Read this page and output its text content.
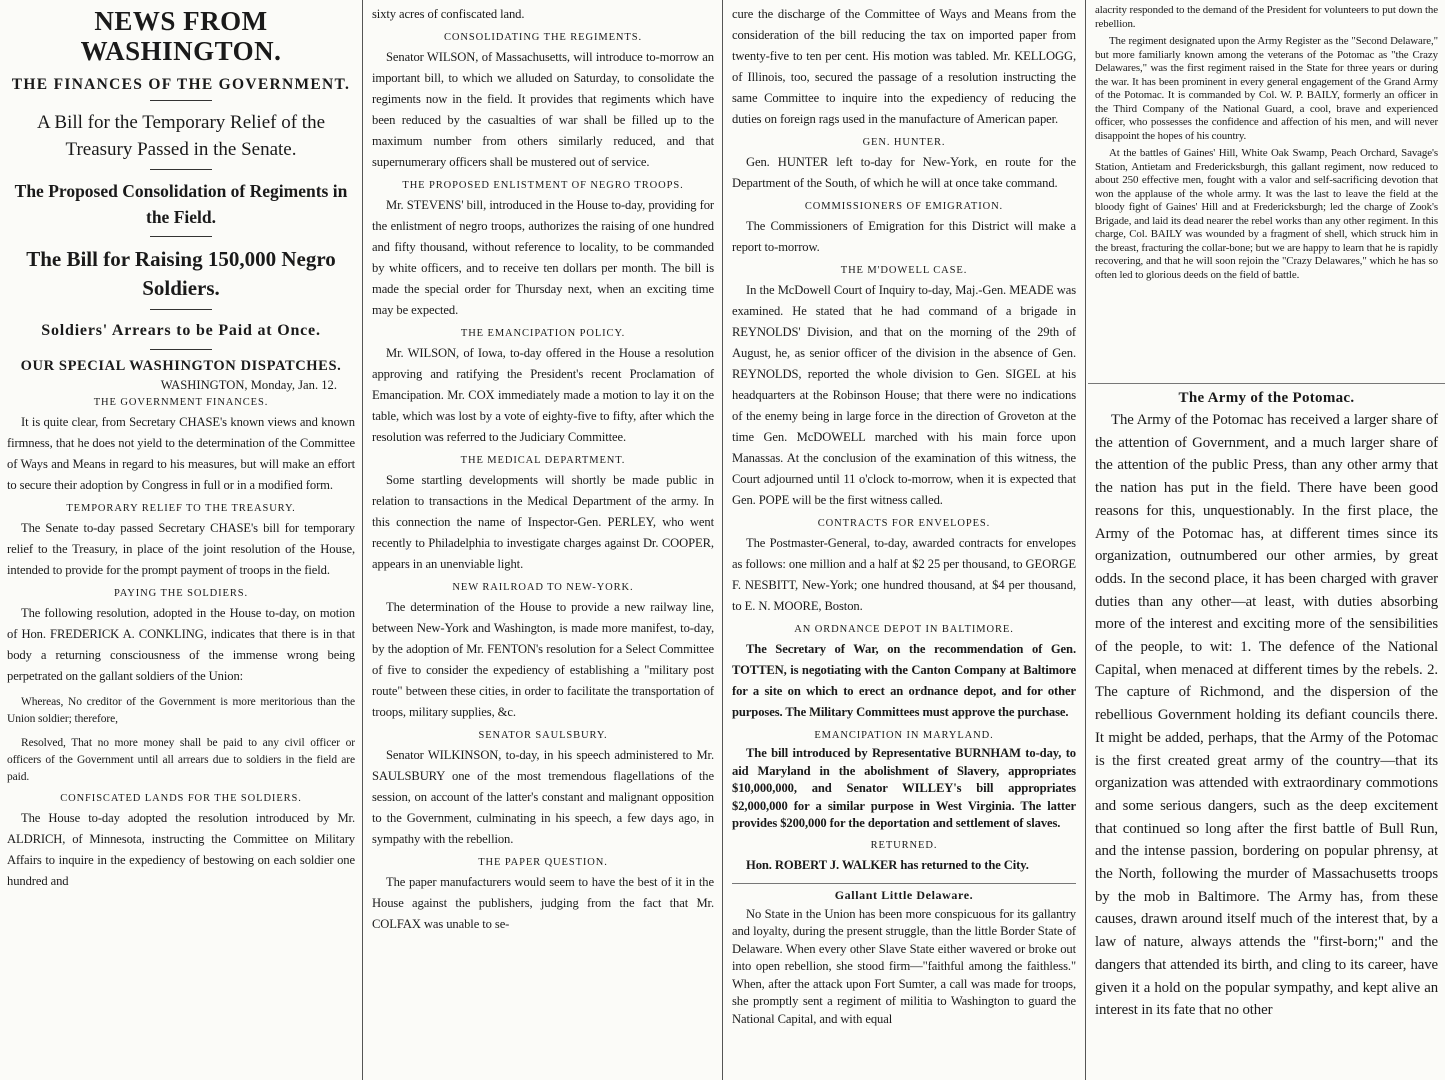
NEWS FROM WASHINGTON.
THE FINANCES OF THE GOVERNMENT.
A Bill for the Temporary Relief of the Treasury Passed in the Senate.
The Proposed Consolidation of Regiments in the Field.
The Bill for Raising 150,000 Negro Soldiers.
Soldiers' Arrears to be Paid at Once.
OUR SPECIAL WASHINGTON DISPATCHES.
WASHINGTON, Monday, Jan. 12.
THE GOVERNMENT FINANCES.

It is quite clear, from Secretary CHASE's known views and known firmness, that he does not yield to the determination of the Committee of Ways and Means in regard to his measures, but will make an effort to secure their adoption by Congress in full or in a modified form.

TEMPORARY RELIEF TO THE TREASURY.

The Senate to-day passed Secretary CHASE's bill for temporary relief to the Treasury, in place of the joint resolution of the House, intended to provide for the prompt payment of troops in the field.

PAYING THE SOLDIERS.

The following resolution, adopted in the House to-day, on motion of Hon. FREDERICK A. CONKLING, indicates that there is in that body a returning consciousness of the immense wrong being perpetrated on the gallant soldiers of the Union:

Whereas, No creditor of the Government is more meritorious than the Union soldier; therefore,

Resolved, That no more money shall be paid to any civil officer or officers of the Government until all arrears due to soldiers in the field are paid.

CONFISCATED LANDS FOR THE SOLDIERS.

The House to-day adopted the resolution introduced by Mr. ALDRICH, of Minnesota, instructing the Committee on Military Affairs to inquire in the expediency of bestowing on each soldier one hundred and

sixty acres of confiscated land.

CONSOLIDATING THE REGIMENTS.

Senator WILSON, of Massachusetts, will introduce to-morrow an important bill, to which we alluded on Saturday, to consolidate the regiments now in the field. It provides that regiments which have been reduced by the casualties of war shall be filled up to the maximum number from others similarly reduced, and that supernumerary officers shall be mustered out of service.

THE PROPOSED ENLISTMENT OF NEGRO TROOPS.

Mr. STEVENS' bill, introduced in the House to-day, providing for the enlistment of negro troops, authorizes the raising of one hundred and fifty thousand, without reference to locality, to be commanded by white officers, and to receive ten dollars per month. The bill is made the special order for Thursday next, when an exciting time may be expected.

THE EMANCIPATION POLICY.

Mr. WILSON, of Iowa, to-day offered in the House a resolution approving and ratifying the President's recent Proclamation of Emancipation. Mr. COX immediately made a motion to lay it on the table, which was lost by a vote of eighty-five to fifty, after which the resolution was referred to the Judiciary Committee.

THE MEDICAL DEPARTMENT.

Some startling developments will shortly be made public in relation to transactions in the Medical Department of the army. In this connection the name of Inspector-Gen. PERLEY, who went recently to Philadelphia to investigate charges against Dr. COOPER, appears in an unenviable light.

NEW RAILROAD TO NEW-YORK.

The determination of the House to provide a new railway line, between New-York and Washington, is made more manifest, to-day, by the adoption of Mr. FENTON's resolution for a Select Committee of five to consider the expediency of establishing a "military post route" between these cities, in order to facilitate the transportation of troops, military supplies, &c.

SENATOR SAULSBURY.

Senator WILKINSON, to-day, in his speech administered to Mr. SAULSBURY one of the most tremendous flagellations of the session, on account of the latter's constant and malignant opposition to the Government, culminating in his speech, a few days ago, in sympathy with the rebellion.

THE PAPER QUESTION.

The paper manufacturers would seem to have the best of it in the House against the publishers, judging from the fact that Mr. COLFAX was unable to se-

cure the discharge of the Committee of Ways and Means from the consideration of the bill reducing the tax on imported paper from twenty-five to ten per cent. His motion was tabled. Mr. KELLOGG, of Illinois, too, secured the passage of a resolution instructing the same Committee to inquire into the expediency of reducing the duties on foreign rags used in the manufacture of American paper.

GEN. HUNTER.

Gen. HUNTER left to-day for New-York, en route for the Department of the South, of which he will at once take command.

COMMISSIONERS OF EMIGRATION.

The Commissioners of Emigration for this District will make a report to-morrow.

THE M'DOWELL CASE.

In the McDowell Court of Inquiry to-day, Maj.-Gen. MEADE was examined. He stated that he had command of a brigade in REYNOLDS' Division, and that on the morning of the 29th of August, he, as senior officer of the division in the absence of Gen. REYNOLDS, reported the whole division to Gen. SIGEL at his headquarters at the Robinson House; that there were no indications of the enemy being in large force in the direction of Groveton at the time Gen. McDOWELL marched with his main force upon Manassas. At the conclusion of the examination of this witness, the Court adjourned until 11 o'clock to-morrow, when it is expected that Gen. POPE will be the first witness called.

CONTRACTS FOR ENVELOPES.

The Postmaster-General, to-day, awarded contracts for envelopes as follows: one million and a half at $2 25 per thousand, to GEORGE F. NESBITT, New-York; one hundred thousand, at $4 per thousand, to E. N. MOORE, Boston.

AN ORDNANCE DEPOT IN BALTIMORE.

The Secretary of War, on the recommendation of Gen. TOTTEN, is negotiating with the Canton Company at Baltimore for a site on which to erect an ordnance depot, and for other purposes. The Military Committees must approve the purchase.

EMANCIPATION IN MARYLAND.

The bill introduced by Representative BURNHAM to-day, to aid Maryland in the abolishment of Slavery, appropriates $10,000,000, and Senator WILLEY's bill appropriates $2,000,000 for a similar purpose in West Virginia. The latter provides $200,000 for the deportation and settlement of slaves.

RETURNED.

Hon. ROBERT J. WALKER has returned to the City.

Gallant Little Delaware.

No State in the Union has been more conspicuous for its gallantry and loyalty, during the present struggle, than the little Border State of Delaware. When every other Slave State either wavered or broke out into open rebellion, she stood firm—"faithful among the faithless." When, after the attack upon Fort Sumter, a call was made for troops, she promptly sent a regiment of militia to Washington to guard the National Capital, and with equal

alacrity responded to the demand of the President for volunteers to put down the rebellion.

The regiment designated upon the Army Register as the "Second Delaware," but more familiarly known among the veterans of the Potomac as "the Crazy Delawares," was the first regiment raised in the State for three years or during the war. It has been prominent in every general engagement of the Grand Army of the Potomac. It is commanded by Col. W. P. BAILY, formerly an officer in the Third Company of the National Guard, a cool, brave and experienced officer, who possesses the confidence and affection of his men, and will never disappoint the hopes of his country.

At the battles of Gaines' Hill, White Oak Swamp, Peach Orchard, Savage's Station, Antietam and Fredericksburgh, this gallant regiment, now reduced to about 250 effective men, fought with a valor and self-sacrificing devotion that won the applause of the whole army. It was the last to leave the field at the bloody fight of Gaines' Hill and at Fredericksburgh; led the charge of Zook's Brigade, and laid its dead nearer the rebel works than any other regiment. In this charge, Col. BAILY was wounded by a fragment of shell, which struck him in the breast, fracturing the collar-bone; but we are happy to learn that he is rapidly recovering, and that he will soon rejoin the "Crazy Delawares," which he has so often led to glorious deeds on the field of battle.

The Army of the Potomac.

The Army of the Potomac has received a larger share of the attention of Government, and a much larger share of the attention of the public Press, than any other army that the nation has put in the field. There have been good reasons for this, unquestionably. In the first place, the Army of the Potomac has, at different times since its organization, outnumbered our other armies, by great odds. In the second place, it has been charged with graver duties than any other—at least, with duties absorbing more of the interest and exciting more of the sensibilities of the people, to wit: 1. The defence of the National Capital, when menaced at different times by the rebels. 2. The capture of Richmond, and the dispersion of the rebellious Government holding its defiant councils there. It might be added, perhaps, that the Army of the Potomac is the first created great army of the country—that its organization was attended with extraordinary commotions and some serious dangers, such as the deep excitement that continued so long after the first battle of Bull Run, and the intense passion, bordering on popular phrensy, at the North, following the murder of Massachusetts troops by the mob in Baltimore. The Army has, from these causes, drawn around itself much of the interest that, by a law of nature, always attends the "first-born;" and the dangers that attended its birth, and cling to its career, have given it a hold on the popular sympathy, and kept alive an interest in its fate that no other
